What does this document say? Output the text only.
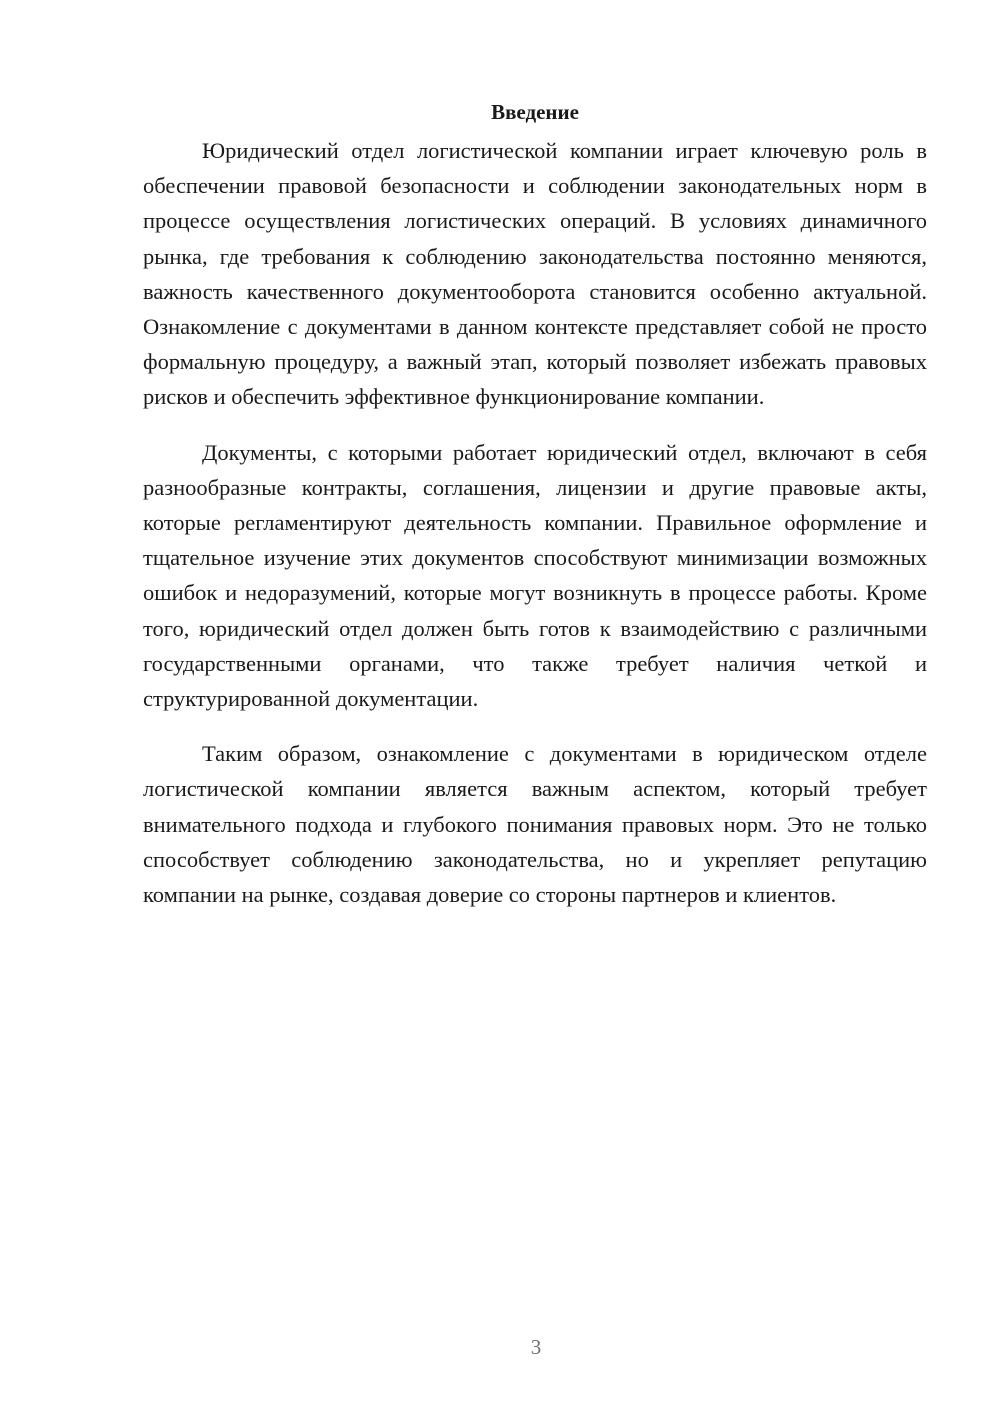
Введение

Юридический отдел логистической компании играет ключевую роль в обеспечении правовой безопасности и соблюдении законодательных норм в процессе осуществления логистических операций. В условиях динамичного рынка, где требования к соблюдению законодательства постоянно меняются, важность качественного документооборота становится особенно актуальной. Ознакомление с документами в данном контексте представляет собой не просто формальную процедуру, а важный этап, который позволяет избежать правовых рисков и обеспечить эффективное функционирование компании.

Документы, с которыми работает юридический отдел, включают в себя разнообразные контракты, соглашения, лицензии и другие правовые акты, которые регламентируют деятельность компании. Правильное оформление и тщательное изучение этих документов способствуют минимизации возможных ошибок и недоразумений, которые могут возникнуть в процессе работы. Кроме того, юридический отдел должен быть готов к взаимодействию с различными государственными органами, что также требует наличия четкой и структурированной документации.

Таким образом, ознакомление с документами в юридическом отделе логистической компании является важным аспектом, который требует внимательного подхода и глубокого понимания правовых норм. Это не только способствует соблюдению законодательства, но и укрепляет репутацию компании на рынке, создавая доверие со стороны партнеров и клиентов.

3
